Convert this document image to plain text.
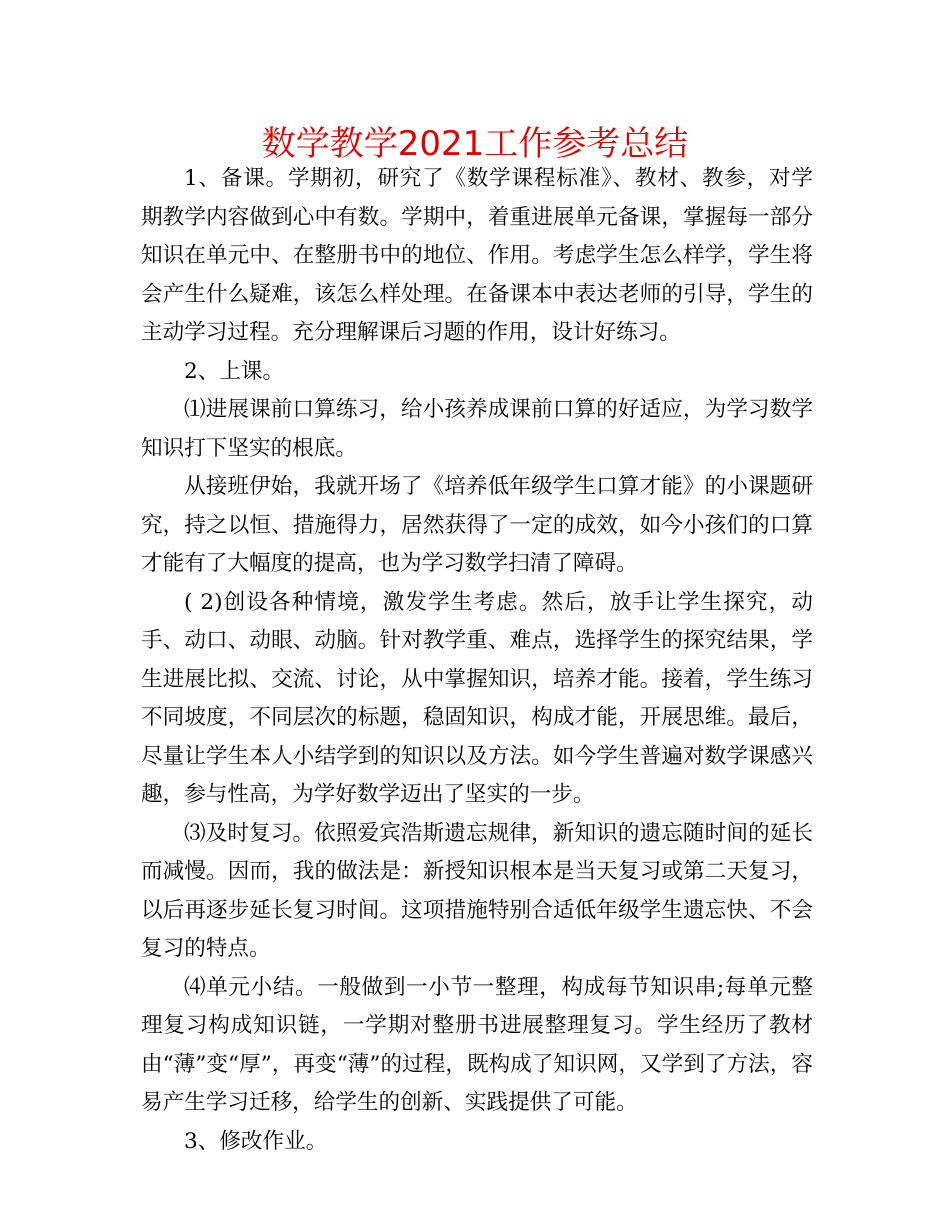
数学教学2021工作参考总结

1、备课。学期初，研究了《数学课程标准》、教材、教参，对学期教学内容做到心中有数。学期中，着重进展单元备课，掌握每一部分知识在单元中、在整册书中的地位、作用。考虑学生怎么样学，学生将会产生什么疑难，该怎么样处理。在备课本中表达老师的引导，学生的主动学习过程。充分理解课后习题的作用，设计好练习。

2、上课。

⑴进展课前口算练习，给小孩养成课前口算的好适应，为学习数学知识打下坚实的根底。

从接班伊始，我就开场了《培养低年级学生口算才能》的小课题研究，持之以恒、措施得力，居然获得了一定的成效，如今小孩们的口算才能有了大幅度的提高，也为学习数学扫清了障碍。

( 2)创设各种情境，激发学生考虑。然后，放手让学生探究，动手、动口、动眼、动脑。针对教学重、难点，选择学生的探究结果，学生进展比拟、交流、讨论，从中掌握知识，培养才能。接着，学生练习不同坡度，不同层次的标题，稳固知识，构成才能，开展思维。最后，尽量让学生本人小结学到的知识以及方法。如今学生普遍对数学课感兴趣，参与性高，为学好数学迈出了坚实的一步。

⑶及时复习。依照爱宾浩斯遗忘规律，新知识的遗忘随时间的延长而减慢。因而，我的做法是：新授知识根本是当天复习或第二天复习，以后再逐步延长复习时间。这项措施特别合适低年级学生遗忘快、不会复习的特点。

⑷单元小结。一般做到一小节一整理，构成每节知识串;每单元整理复习构成知识链，一学期对整册书进展整理复习。学生经历了教材由“薄”变“厚”，再变“薄”的过程，既构成了知识网，又学到了方法，容易产生学习迁移，给学生的创新、实践提供了可能。

3、修改作业。
